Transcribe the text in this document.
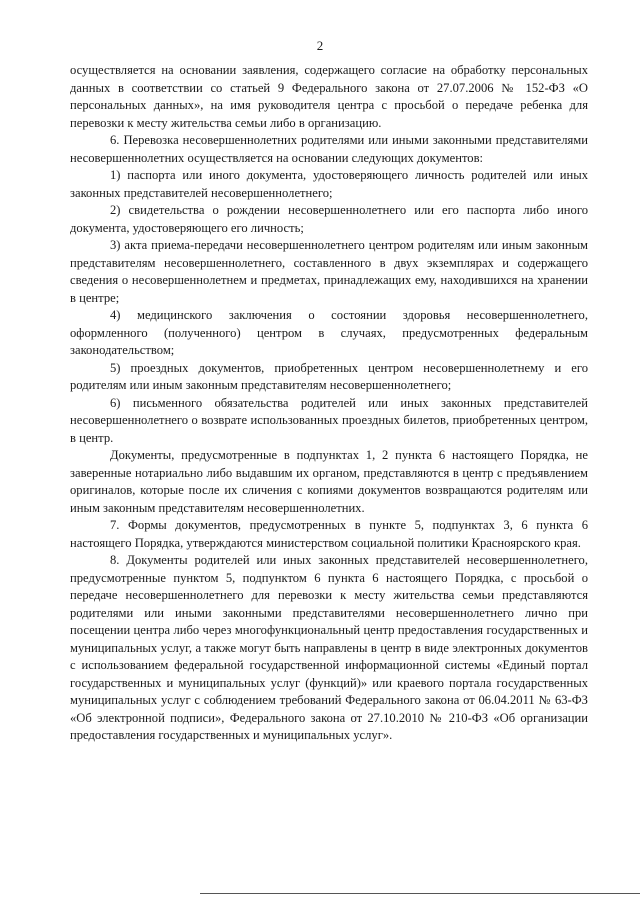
2

осуществляется на основании заявления, содержащего согласие на обработку персональных данных в соответствии со статьей 9 Федерального закона от 27.07.2006 № 152-ФЗ «О персональных данных», на имя руководителя центра с просьбой о передаче ребенка для перевозки к месту жительства семьи либо в организацию.

6. Перевозка несовершеннолетних родителями или иными законными представителями несовершеннолетних осуществляется на основании следующих документов:

1) паспорта или иного документа, удостоверяющего личность родителей или иных законных представителей несовершеннолетнего;

2) свидетельства о рождении несовершеннолетнего или его паспорта либо иного документа, удостоверяющего его личность;

3) акта приема-передачи несовершеннолетнего центром родителям или иным законным представителям несовершеннолетнего, составленного в двух экземплярах и содержащего сведения о несовершеннолетнем и предметах, принадлежащих ему, находившихся на хранении в центре;

4) медицинского заключения о состоянии здоровья несовершеннолетнего, оформленного (полученного) центром в случаях, предусмотренных федеральным законодательством;

5) проездных документов, приобретенных центром несовершеннолетнему и его родителям или иным законным представителям несовершеннолетнего;

6) письменного обязательства родителей или иных законных представителей несовершеннолетнего о возврате использованных проездных билетов, приобретенных центром, в центр.

Документы, предусмотренные в подпунктах 1, 2 пункта 6 настоящего Порядка, не заверенные нотариально либо выдавшим их органом, представляются в центр с предъявлением оригиналов, которые после их сличения с копиями документов возвращаются родителям или иным законным представителям несовершеннолетних.

7. Формы документов, предусмотренных в пункте 5, подпунктах 3, 6 пункта 6 настоящего Порядка, утверждаются министерством социальной политики Красноярского края.

8. Документы родителей или иных законных представителей несовершеннолетнего, предусмотренные пунктом 5, подпунктом 6 пункта 6 настоящего Порядка, с просьбой о передаче несовершеннолетнего для перевозки к месту жительства семьи представляются родителями или иными законными представителями несовершеннолетнего лично при посещении центра либо через многофункциональный центр предоставления государственных и муниципальных услуг, а также могут быть направлены в центр в виде электронных документов с использованием федеральной государственной информационной системы «Единый портал государственных и муниципальных услуг (функций)» или краевого портала государственных муниципальных услуг с соблюдением требований Федерального закона от 06.04.2011 № 63-ФЗ «Об электронной подписи», Федерального закона от 27.10.2010 № 210-ФЗ «Об организации предоставления государственных и муниципальных услуг».
